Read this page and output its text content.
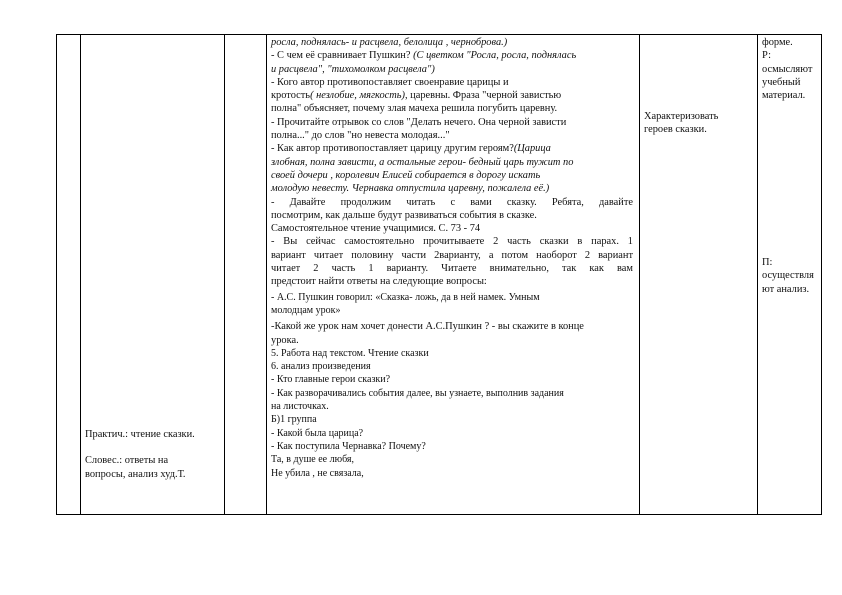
Практич.: чтение сказки.

Словес.: ответы на

вопросы, анализ худ.Т.

росла, поднялась- и расцвела, белолица , черноброва.)

- С чем её сравнивает Пушкин? (С цветком "Росла, росла, поднялась

и расцвела", "тихомолком расцвела")

- Кого автор противопоставляет своенравие царицы и

кротость( незлобие, мягкость), царевны. Фраза "черной завистью

полна" объясняет, почему злая мачеха решила погубить царевну.

- Прочитайте отрывок со слов "Делать нечего. Она черной зависти

полна..." до слов "но невеста молодая..."

- Как автор противопоставляет царицу другим героям?(Царица

злобная, полна зависти, а остальные герои- бедный царь тужит по

своей дочери , королевич Елисей собирается в дорогу искать

молодую невесту. Чернавка отпустила царевну, пожалела её.)

- Давайте продолжим читать с вами сказку. Ребята, давайте

посмотрим, как дальше будут развиваться события в сказке.

Самостоятельное чтение учащимися. С. 73 - 74

- Вы сейчас самостоятельно прочитываете 2 часть сказки в парах. 1

вариант читает половину части 2варианту, а потом наоборот 2 вариант

читает 2 часть 1 варианту. Читаете внимательно, так как вам

предстоит найти ответы на следующие вопросы:

- А.С. Пушкин говорил: «Сказка- ложь, да в ней намек. Умным

молодцам урок»

-Какой же урок нам хочет донести А.С.Пушкин ? - вы скажите в конце

урока.

5. Работа над текстом. Чтение сказки

6. анализ произведения

- Кто главные герои сказки?

- Как разворачивались события далее, вы узнаете, выполнив задания

на листочках.

Б)1 группа

- Какой была царица?

- Как поступила Чернавка? Почему?

Та, в душе ее любя,

Не убила , не связала,

Характеризовать

героев сказки.

форме.

Р:

осмысляют

учебный

материал.

П:

осуществля

ют анализ.
